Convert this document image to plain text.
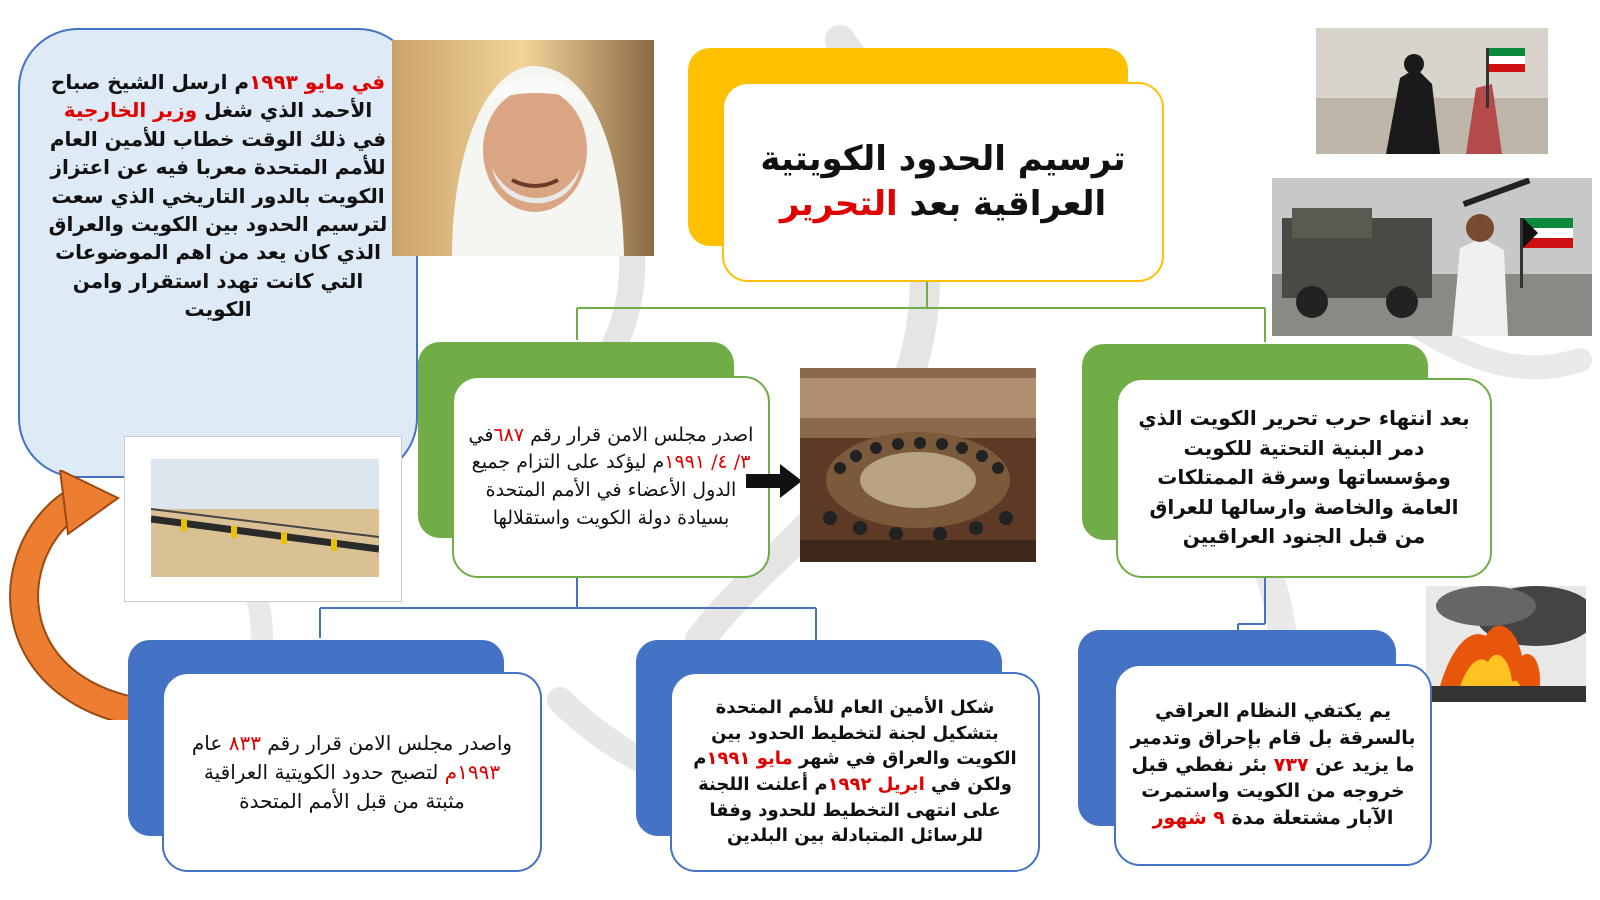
ترسيم الحدود الكويتية
العراقية بعد التحرير
في مايو ١٩٩٣م ارسل الشيخ صباح الأحمد الذي شغل وزير الخارجية في ذلك الوقت خطاب للأمين العام للأمم المتحدة معربا فيه عن اعتزاز الكويت بالدور التاريخي الذي سعت لترسيم الحدود بين الكويت والعراق الذي كان يعد من اهم الموضوعات التي كانت تهدد استقرار وامن الكويت
اصدر مجلس الامن قرار رقم ٦٨٧في ٣/ ٤/ ١٩٩١م ليؤكد على التزام جميع الدول الأعضاء في الأمم المتحدة بسيادة دولة الكويت واستقلالها
بعد انتهاء حرب تحرير الكويت الذي دمر البنية التحتية للكويت ومؤسساتها وسرقة الممتلكات العامة والخاصة وارسالها للعراق من قبل الجنود العراقيين
واصدر مجلس الامن قرار رقم ٨٣٣ عام ١٩٩٣م لتصبح حدود الكويتية العراقية مثبتة من قبل الأمم المتحدة
شكل الأمين العام للأمم المتحدة بتشكيل لجنة لتخطيط الحدود بين الكويت والعراق في شهر مايو ١٩٩١م ولكن في ابريل ١٩٩٢م أعلنت اللجنة على انتهى التخطيط للحدود وفقا للرسائل المتبادلة بين البلدين
يم يكتفي النظام العراقي بالسرقة بل قام بإحراق وتدمير ما يزيد عن ٧٣٧ بئر نفطي قبل خروجه من الكويت واستمرت الآبار مشتعلة مدة ٩ شهور
